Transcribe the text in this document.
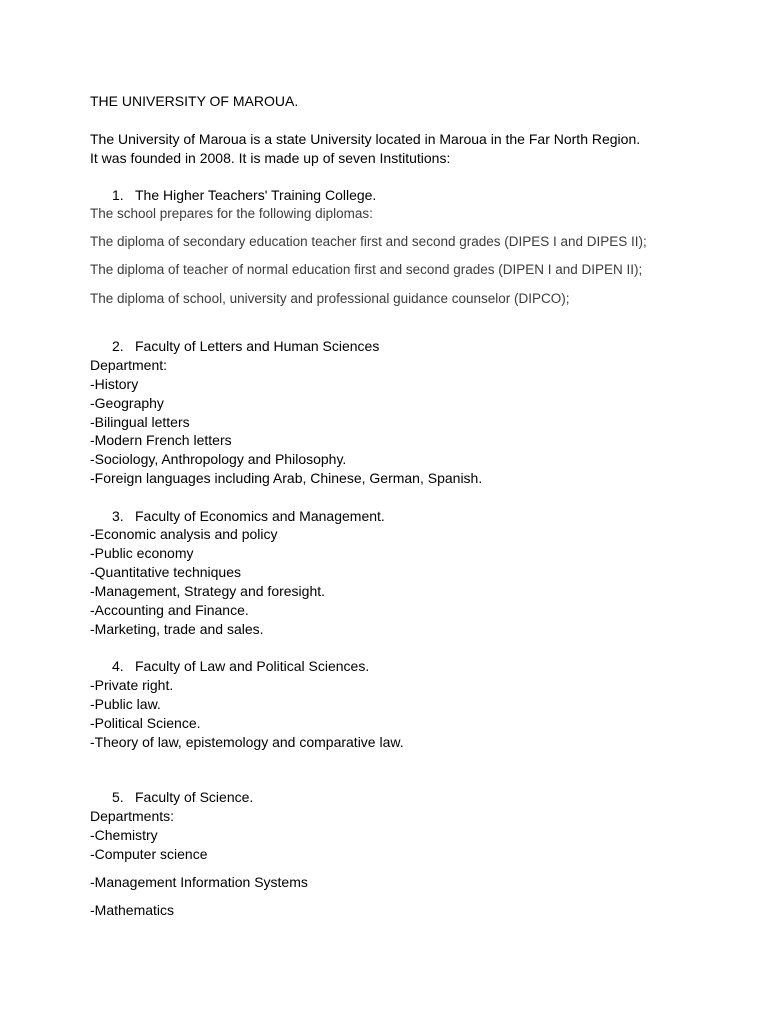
THE UNIVERSITY OF MAROUA.
The University of Maroua is a state University located in Maroua in the Far North Region.
It was founded in 2008. It is made up of seven Institutions:
1. The Higher Teachers' Training College.
The school prepares for the following diplomas:
The diploma of secondary education teacher first and second grades (DIPES I and DIPES II);
The diploma of teacher of normal education first and second grades (DIPEN I and DIPEN II);
The diploma of school, university and professional guidance counselor (DIPCO);
2. Faculty of Letters and Human Sciences
Department:
-History
-Geography
-Bilingual letters
-Modern French letters
-Sociology, Anthropology and Philosophy.
-Foreign languages including Arab, Chinese, German, Spanish.
3. Faculty of Economics and Management.
-Economic analysis and policy
-Public economy
-Quantitative techniques
-Management, Strategy and foresight.
-Accounting and Finance.
-Marketing, trade and sales.
4. Faculty of Law and Political Sciences.
-Private right.
-Public law.
-Political Science.
-Theory of law, epistemology and comparative law.
5. Faculty of Science.
Departments:
-Chemistry
-Computer science
-Management Information Systems
-Mathematics
